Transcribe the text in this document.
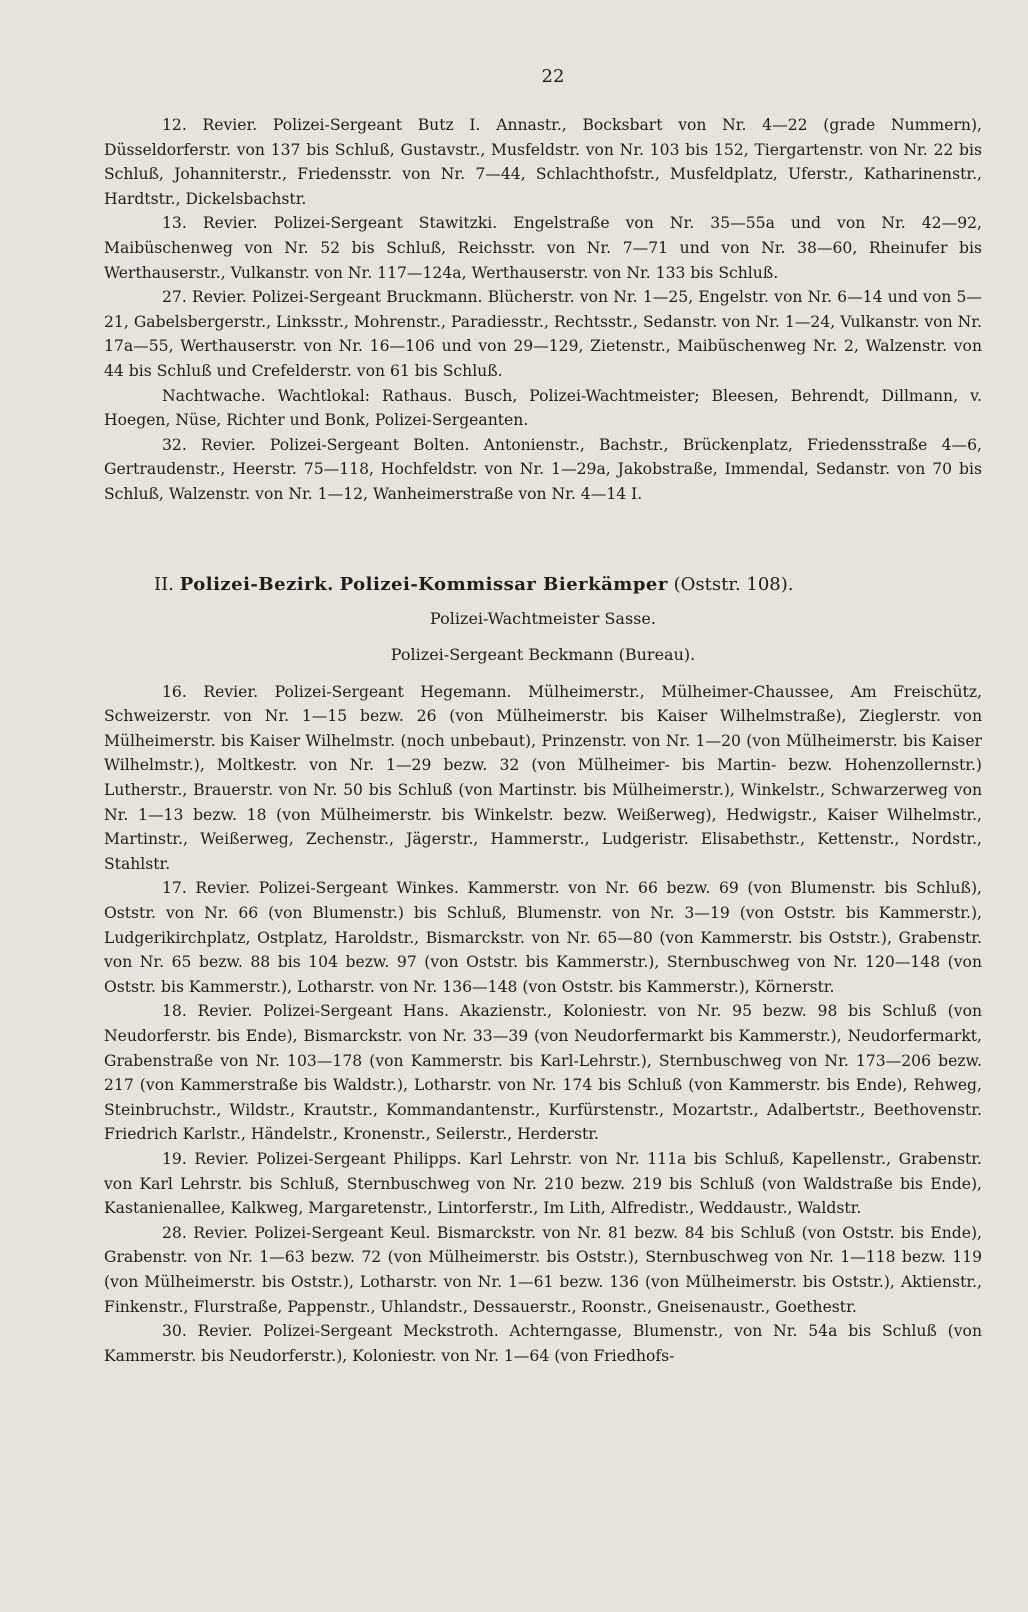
22

12. Revier. Polizei-Sergeant Butz I. Annastr., Bocksbart von Nr. 4—22 (grade Nummern), Düsseldorferstr. von 137 bis Schluß, Gustavstr., Musfeldstr. von Nr. 103 bis 152, Tiergartenstr. von Nr. 22 bis Schluß, Johanniterstr., Friedensstr. von Nr. 7—44, Schlachthofstr., Musfeldplatz, Uferstr., Katharinenstr., Hardtstr., Dickelsbachstr.

13. Revier. Polizei-Sergeant Stawitzki. Engelstraße von Nr. 35—55a und von Nr. 42—92, Maibüschenweg von Nr. 52 bis Schluß, Reichsstr. von Nr. 7—71 und von Nr. 38—60, Rheinufer bis Werthauserstr., Vulkanstr. von Nr. 117—124a, Werthauserstr. von Nr. 133 bis Schluß.

27. Revier. Polizei-Sergeant Bruckmann. Blücherstr. von Nr. 1—25, Engelstr. von Nr. 6—14 und von 5—21, Gabelsbergerstr., Linksstr., Mohrenstr., Paradiesstr., Rechtsstr., Sedanstr. von Nr. 1—24, Vulkanstr. von Nr. 17a—55, Werthauserstr. von Nr. 16—106 und von 29—129, Zietenstr., Maibüschenweg Nr. 2, Walzenstr. von 44 bis Schluß und Crefelderstr. von 61 bis Schluß.

Nachtwache. Wachtlokal: Rathaus. Busch, Polizei-Wachtmeister; Bleesen, Behrendt, Dillmann, v. Hoegen, Nüse, Richter und Bonk, Polizei-Sergeanten.

32. Revier. Polizei-Sergeant Bolten. Antonienstr., Bachstr., Brückenplatz, Friedensstraße 4—6, Gertraudenstr., Heerstr. 75—118, Hochfeldstr. von Nr. 1—29a, Jakobstraße, Immendal, Sedanstr. von 70 bis Schluß, Walzenstr. von Nr. 1—12, Wanheimerstraße von Nr. 4—14 I.

II. Polizei-Bezirk. Polizei-Kommissar Bierkämper (Oststr. 108).

Polizei-Wachtmeister Sasse.

Polizei-Sergeant Beckmann (Bureau).

16. Revier. Polizei-Sergeant Hegemann. Mülheimerstr., Mülheimer-Chaussee, Am Freischütz, Schweizerstr. von Nr. 1—15 bezw. 26 (von Mülheimerstr. bis Kaiser Wilhelmstraße), Zieglerstr. von Mülheimerstr. bis Kaiser Wilhelmstr. (noch unbebaut), Prinzenstr. von Nr. 1—20 (von Mülheimerstr. bis Kaiser Wilhelmstr.), Moltkestr. von Nr. 1—29 bezw. 32 (von Mülheimer- bis Martin- bezw. Hohenzollernstr.) Lutherstr., Brauerstr. von Nr. 50 bis Schluß (von Martinstr. bis Mülheimerstr.), Winkelstr., Schwarzerweg von Nr. 1—13 bezw. 18 (von Mülheimerstr. bis Winkelstr. bezw. Weißerweg), Hedwigstr., Kaiser Wilhelmstr., Martinstr., Weißerweg, Zechenstr., Jägerstr., Hammerstr., Ludgeristr. Elisabethstr., Kettenstr., Nordstr., Stahlstr.

17. Revier. Polizei-Sergeant Winkes. Kammerstr. von Nr. 66 bezw. 69 (von Blumenstr. bis Schluß), Oststr. von Nr. 66 (von Blumenstr.) bis Schluß, Blumenstr. von Nr. 3—19 (von Oststr. bis Kammerstr.), Ludgerikirchplatz, Ostplatz, Haroldstr., Bismarckstr. von Nr. 65—80 (von Kammerstr. bis Oststr.), Grabenstr. von Nr. 65 bezw. 88 bis 104 bezw. 97 (von Oststr. bis Kammerstr.), Sternbuschweg von Nr. 120—148 (von Oststr. bis Kammerstr.), Lotharstr. von Nr. 136—148 (von Oststr. bis Kammerstr.), Körnerstr.

18. Revier. Polizei-Sergeant Hans. Akazienstr., Koloniestr. von Nr. 95 bezw. 98 bis Schluß (von Neudorferstr. bis Ende), Bismarckstr. von Nr. 33—39 (von Neudorfermarkt bis Kammerstr.), Neudorfermarkt, Grabenstraße von Nr. 103—178 (von Kammerstr. bis Karl-Lehrstr.), Sternbuschweg von Nr. 173—206 bezw. 217 (von Kammerstraße bis Waldstr.), Lotharstr. von Nr. 174 bis Schluß (von Kammerstr. bis Ende), Rehweg, Steinbruchstr., Wildstr., Krautstr., Kommandantenstr., Kurfürstenstr., Mozartstr., Adalbertstr., Beethovenstr. Friedrich Karlstr., Händelstr., Kronenstr., Seilerstr., Herderstr.

19. Revier. Polizei-Sergeant Philipps. Karl Lehrstr. von Nr. 111a bis Schluß, Kapellenstr., Grabenstr. von Karl Lehrstr. bis Schluß, Sternbuschweg von Nr. 210 bezw. 219 bis Schluß (von Waldstraße bis Ende), Kastanienallee, Kalkweg, Margaretenstr., Lintorferstr., Im Lith, Alfredistr., Weddaustr., Waldstr.

28. Revier. Polizei-Sergeant Keul. Bismarckstr. von Nr. 81 bezw. 84 bis Schluß (von Oststr. bis Ende), Grabenstr. von Nr. 1—63 bezw. 72 (von Mülheimerstr. bis Oststr.), Sternbuschweg von Nr. 1—118 bezw. 119 (von Mülheimerstr. bis Oststr.), Lotharstr. von Nr. 1—61 bezw. 136 (von Mülheimerstr. bis Oststr.), Aktienstr., Finkenstr., Flurstraße, Pappenstr., Uhlandstr., Dessauerstr., Roonstr., Gneisenaustr., Goethestr.

30. Revier. Polizei-Sergeant Meckstroth. Achterngasse, Blumenstr., von Nr. 54a bis Schluß (von Kammerstr. bis Neudorferstr.), Koloniestr. von Nr. 1—64 (von Friedhofs-
